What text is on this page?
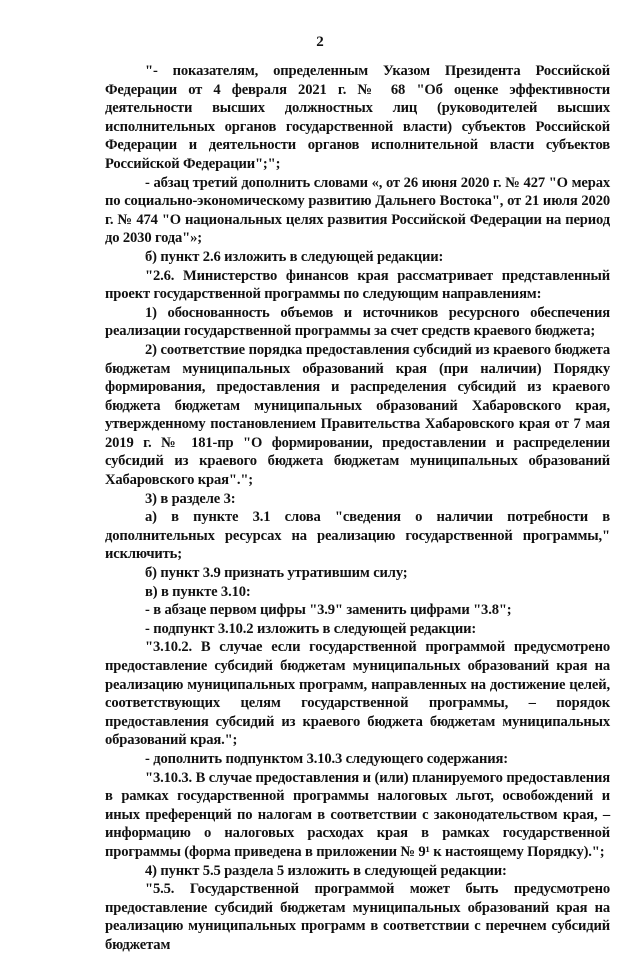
2

"- показателям, определенным Указом Президента Российской Федерации от 4 февраля 2021 г. № 68 "Об оценке эффективности деятельности высших должностных лиц (руководителей высших исполнительных органов государственной власти) субъектов Российской Федерации и деятельности органов исполнительной власти субъектов Российской Федерации";";

- абзац третий дополнить словами «, от 26 июня 2020 г. № 427 "О мерах по социально-экономическому развитию Дальнего Востока", от 21 июля 2020 г. № 474 "О национальных целях развития Российской Федерации на период до 2030 года"»;

б) пункт 2.6 изложить в следующей редакции:

"2.6. Министерство финансов края рассматривает представленный проект государственной программы по следующим направлениям:

1) обоснованность объемов и источников ресурсного обеспечения реализации государственной программы за счет средств краевого бюджета;

2) соответствие порядка предоставления субсидий из краевого бюджета бюджетам муниципальных образований края (при наличии) Порядку формирования, предоставления и распределения субсидий из краевого бюджета бюджетам муниципальных образований Хабаровского края, утвержденному постановлением Правительства Хабаровского края от 7 мая 2019 г. № 181-пр "О формировании, предоставлении и распределении субсидий из краевого бюджета бюджетам муниципальных образований Хабаровского края".";

3) в разделе 3:

а) в пункте 3.1 слова "сведения о наличии потребности в дополнительных ресурсах на реализацию государственной программы," исключить;

б) пункт 3.9 признать утратившим силу;

в) в пункте 3.10:

- в абзаце первом цифры "3.9" заменить цифрами "3.8";

- подпункт 3.10.2 изложить в следующей редакции:

"3.10.2. В случае если государственной программой предусмотрено предоставление субсидий бюджетам муниципальных образований края на реализацию муниципальных программ, направленных на достижение целей, соответствующих целям государственной программы, – порядок предоставления субсидий из краевого бюджета бюджетам муниципальных образований края.";

- дополнить подпунктом 3.10.3 следующего содержания:

"3.10.3. В случае предоставления и (или) планируемого предоставления в рамках государственной программы налоговых льгот, освобождений и иных преференций по налогам в соответствии с законодательством края, – информацию о налоговых расходах края в рамках государственной программы (форма приведена в приложении № 9¹ к настоящему Порядку).";

4) пункт 5.5 раздела 5 изложить в следующей редакции:

"5.5. Государственной программой может быть предусмотрено предоставление субсидий бюджетам муниципальных образований края на реализацию муниципальных программ в соответствии с перечнем субсидий бюджетам
